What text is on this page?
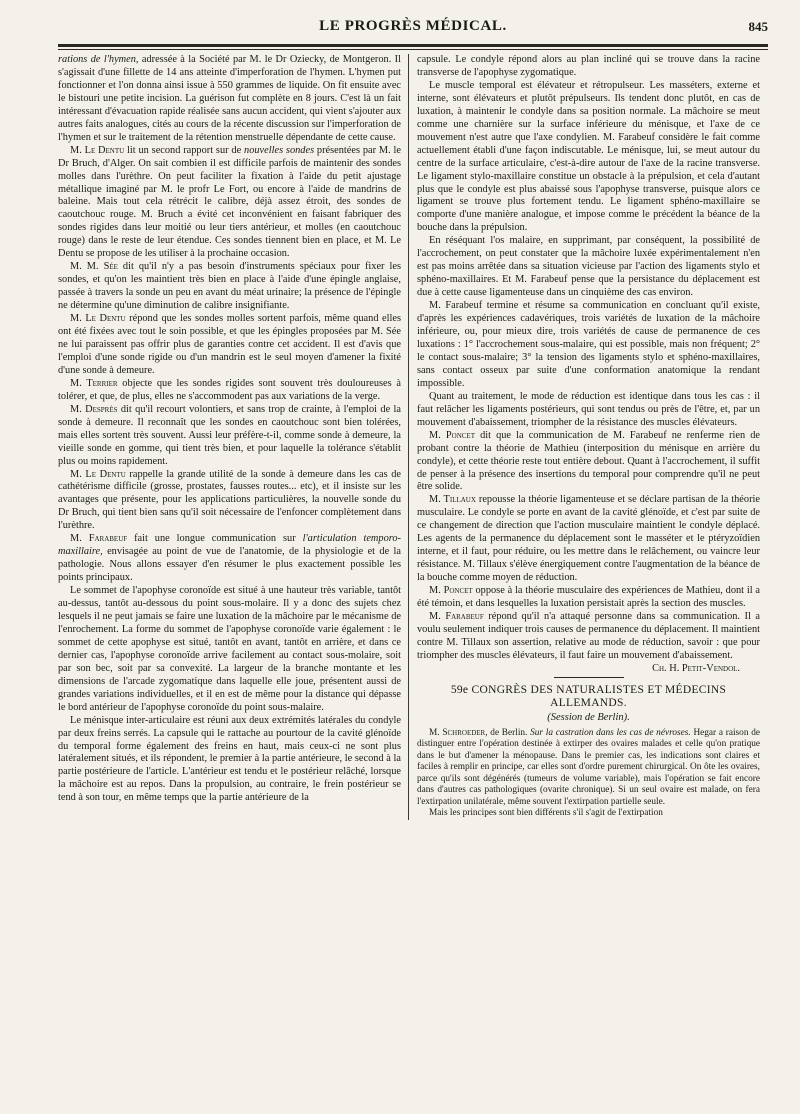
LE PROGRÈS MÉDICAL.	845

rations de l'hymen, adressée à la Société par M. le Dr Oziecky, de Montgeron. Il s'agissait d'une fillette de 14 ans atteinte d'imperforation de l'hymen. L'hymen put fonctionner et l'on donna ainsi issue à 550 grammes de liquide. On fit ensuite avec le bistouri une petite incision. La guérison fut complète en 8 jours. C'est là un fait intéressant d'évacuation rapide réalisée sans aucun accident, qui vient s'ajouter aux autres faits analogues, cités au cours de la récente discussion sur l'imperforation de l'hymen et sur le traitement de la rétention menstruelle dépendante de cette cause.

M. Le Dentu lit un second rapport sur de nouvelles sondes présentées par M. le Dr Bruch, d'Alger. On sait combien il est difficile parfois de maintenir des sondes molles dans l'urèthre. On peut faciliter la fixation à l'aide du petit ajustage métallique imaginé par M. le profr Le Fort, ou encore à l'aide de mandrins de baleine. Mais tout cela rétrécit le calibre, déjà assez étroit, des sondes de caoutchouc rouge. M. Bruch a évité cet inconvénient en faisant fabriquer des sondes rigides dans leur moitié ou leur tiers antérieur, et molles (en caoutchouc rouge) dans le reste de leur étendue. Ces sondes tiennent bien en place, et M. Le Dentu se propose de les utiliser à la prochaine occasion.

M. M. Sée dit qu'il n'y a pas besoin d'instruments spéciaux pour fixer les sondes, et qu'on les maintient très bien en place à l'aide d'une épingle anglaise, passée à travers la sonde un peu en avant du méat urinaire; la présence de l'épingle ne détermine qu'une diminution de calibre insignifiante.

M. Le Dentu répond que les sondes molles sortent parfois, même quand elles ont été fixées avec tout le soin possible, et que les épingles proposées par M. Sée ne lui paraissent pas offrir plus de garanties contre cet accident. Il est d'avis que l'emploi d'une sonde rigide ou d'un mandrin est le seul moyen d'amener la fixité d'une sonde à demeure.

M. Terrier objecte que les sondes rigides sont souvent très douloureuses à tolérer, et que, de plus, elles ne s'accommodent pas aux variations de la verge.

M. Desprès dit qu'il recourt volontiers, et sans trop de crainte, à l'emploi de la sonde à demeure. Il reconnaît que les sondes en caoutchouc sont bien tolérées, mais elles sortent très souvent. Aussi leur préfère-t-il, comme sonde à demeure, la vieille sonde en gomme, qui tient très bien, et pour laquelle la tolérance s'établit plus ou moins rapidement.

M. Le Dentu rappelle la grande utilité de la sonde à demeure dans les cas de cathétérisme difficile (grosse, prostates, fausses routes... etc), et il insiste sur les avantages que présente, pour les applications particulières, la nouvelle sonde du Dr Bruch, qui tient bien sans qu'il soit nécessaire de l'enfoncer complètement dans l'urèthre.

M. Farabeuf fait une longue communication sur l'articulation temporo-maxillaire, envisagée au point de vue de l'anatomie, de la physiologie et de la pathologie. Nous allons essayer d'en résumer le plus exactement possible les points principaux.

Le sommet de l'apophyse coronoïde est situé à une hauteur très variable, tantôt au-dessus, tantôt au-dessous du point sous-molaire. Il y a donc des sujets chez lesquels il ne peut jamais se faire une luxation de la mâchoire par le mécanisme de l'enrochement. La forme du sommet de l'apophyse coronoïde varie également : le sommet de cette apophyse est situé, tantôt en avant, tantôt en arrière, et dans ce dernier cas, l'apophyse coronoïde arrive facilement au contact sous-molaire, soit par son bec, soit par sa convexité. La largeur de la branche montante et les dimensions de l'arcade zygomatique dans laquelle elle joue, présentent aussi de grandes variations individuelles, et il en est de même pour la distance qui dépasse le bord antérieur de l'apophyse coronoïde du point sous-malaire.

Le ménisque inter-articulaire est réuni aux deux extrémités latérales du condyle par deux freins serrés. La capsule qui le rattache au pourtour de la cavité glénoïde du temporal forme également des freins en haut, mais ceux-ci ne sont plus latéralement situés, et ils répondent, le premier à la partie antérieure, le second à la partie postérieure de l'article. L'antérieur est tendu et le postérieur relâché, lorsque la mâchoire est au repos. Dans la propulsion, au contraire, le frein postérieur se tend à son tour, en même temps que la partie antérieure de la

capsule. Le condyle répond alors au plan incliné qui se trouve dans la racine transverse de l'apophyse zygomatique.

Le muscle temporal est élévateur et rétropulseur. Les masséters, externe et interne, sont élévateurs et plutôt prépulseurs. Ils tendent donc plutôt, en cas de luxation, à maintenir le condyle dans sa position normale. La mâchoire se meut comme une charnière sur la surface inférieure du ménisque, et l'axe de ce mouvement n'est autre que l'axe condylien. M. Farabeuf considère le fait comme actuellement établi d'une façon indiscutable. Le ménisque, lui, se meut autour du centre de la surface articulaire, c'est-à-dire autour de l'axe de la racine transverse. Le ligament stylo-maxillaire constitue un obstacle à la prépulsion, et cela d'autant plus que le condyle est plus abaissé sous l'apophyse transverse, puisque alors ce ligament se trouve plus fortement tendu. Le ligament sphéno-maxillaire se comporte d'une manière analogue, et impose comme le précédent la béance de la bouche dans la prépulsion.

En réséquant l'os malaire, en supprimant, par conséquent, la possibilité de l'accrochement, on peut constater que la mâchoire luxée expérimentalement n'en est pas moins arrêtée dans sa situation vicieuse par l'action des ligaments stylo et sphéno-maxillaires. Et M. Farabeuf pense que la persistance du déplacement est due à cette cause ligamenteuse dans un cinquième des cas environ.

M. Farabeuf termine et résume sa communication en concluant qu'il existe, d'après les expériences cadavériques, trois variétés de luxation de la mâchoire inférieure, ou, pour mieux dire, trois variétés de cause de permanence de ces luxations : 1° l'accrochement sous-malaire, qui est possible, mais non fréquent; 2° le contact sous-malaire; 3° la tension des ligaments stylo et sphéno-maxillaires, sans contact osseux par suite d'une conformation anatomique la rendant impossible.

Quant au traitement, le mode de réduction est identique dans tous les cas : il faut relâcher les ligaments postérieurs, qui sont tendus ou près de l'être, et, par un mouvement d'abaissement, triompher de la résistance des muscles élévateurs.

M. Poncet dit que la communication de M. Farabeuf ne renferme rien de probant contre la théorie de Mathieu (interposition du ménisque en arrière du condyle), et cette théorie reste tout entière debout. Quant à l'accrochement, il suffit de penser à la présence des insertions du temporal pour comprendre qu'il ne peut être solide.

M. Tillaux repousse la théorie ligamenteuse et se déclare partisan de la théorie musculaire. Le condyle se porte en avant de la cavité glénoïde, et c'est par suite de ce changement de direction que l'action musculaire maintient le condyle déplacé. Les agents de la permanence du déplacement sont le masséter et le ptéryzoïdien interne, et il faut, pour réduire, ou les mettre dans le relâchement, ou vaincre leur résistance. M. Tillaux s'élève énergiquement contre l'augmentation de la béance de la bouche comme moyen de réduction.

M. Poncet oppose à la théorie musculaire des expériences de Mathieu, dont il a été témoin, et dans lesquelles la luxation persistait après la section des muscles.

M. Farabeuf répond qu'il n'a attaqué personne dans sa communication. Il a voulu seulement indiquer trois causes de permanence du déplacement. Il maintient contre M. Tillaux son assertion, relative au mode de réduction, savoir : que pour triompher des muscles élévateurs, il faut faire un mouvement d'abaissement.
Ch. H. Petit-Vendol.

59e CONGRÈS DES NATURALISTES ET MÉDECINS
ALLEMANDS.
(Session de Berlin).

M. Schroeder, de Berlin. Sur la castration dans les cas de névroses. Hegar a raison de distinguer entre l'opération destinée à extirper des ovaires malades et celle qu'on pratique dans le but d'amener la ménopause. Dans le premier cas, les indications sont claires et faciles à remplir en principe, car elles sont d'ordre purement chirurgical. On ôte les ovaires, parce qu'ils sont dégénérés (tumeurs de volume variable), mais l'opération se fait encore dans d'autres cas pathologiques (ovarite chronique). Si un seul ovaire est malade, on fera l'extirpation unilatérale, même souvent l'extirpation partielle seule.

Mais les principes sont bien différents s'il s'agit de l'extirpation
